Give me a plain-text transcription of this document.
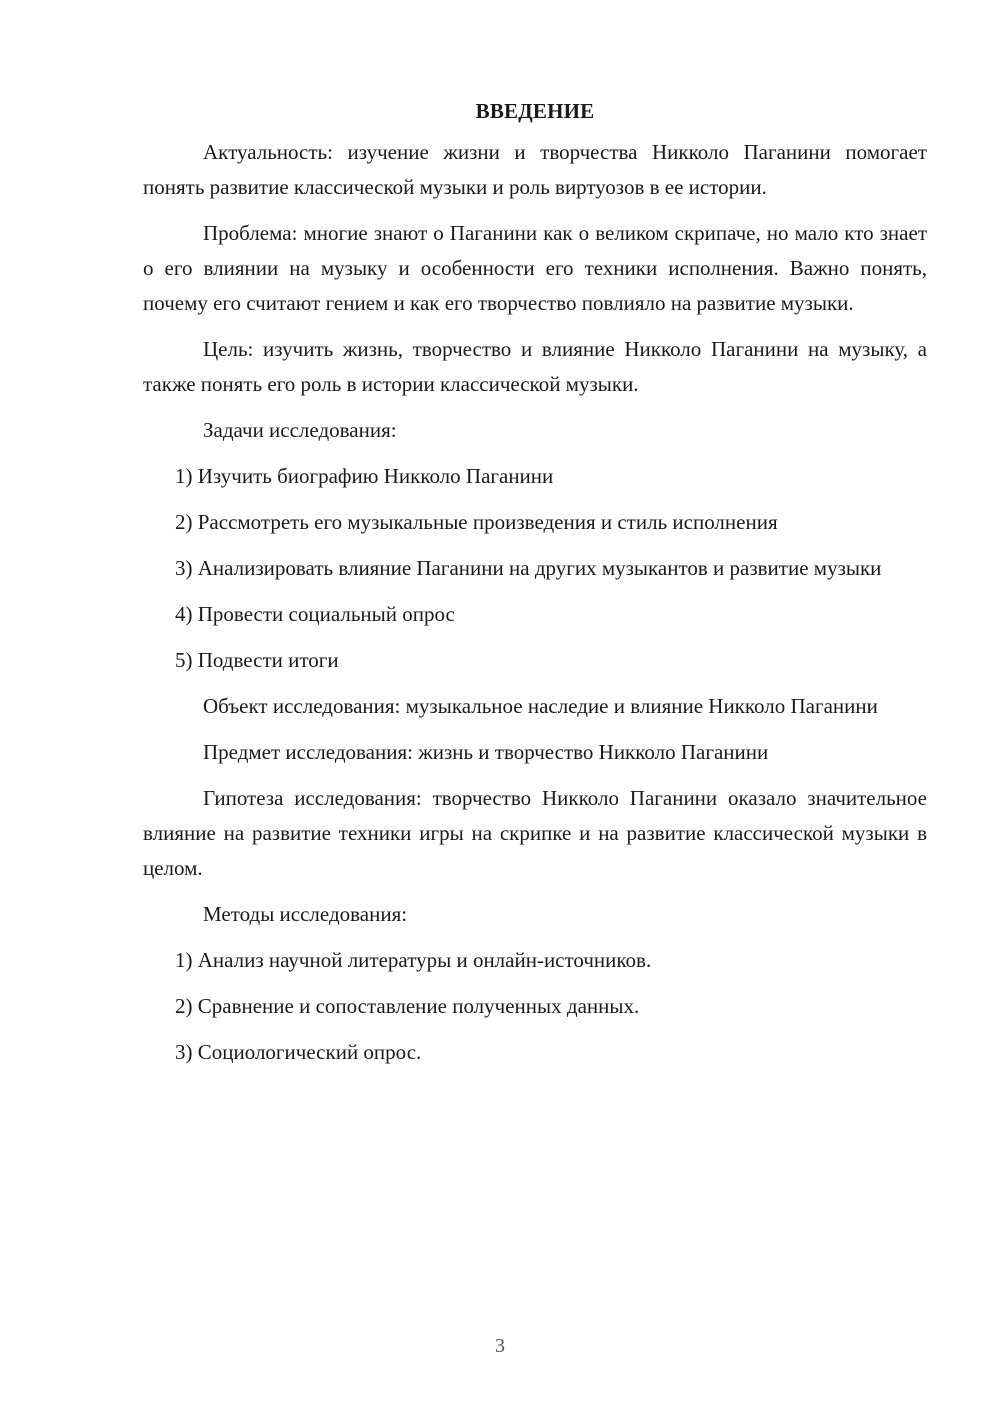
ВВЕДЕНИЕ

Актуальность: изучение жизни и творчества Никколо Паганини помогает понять развитие классической музыки и роль виртуозов в ее истории.

Проблема: многие знают о Паганини как о великом скрипаче, но мало кто знает о его влиянии на музыку и особенности его техники исполнения. Важно понять, почему его считают гением и как его творчество повлияло на развитие музыки.

Цель: изучить жизнь, творчество и влияние Никколо Паганини на музыку, а также понять его роль в истории классической музыки.

Задачи исследования:

1) Изучить биографию Никколо Паганини

2) Рассмотреть его музыкальные произведения и стиль исполнения

3) Анализировать влияние Паганини на других музыкантов и развитие музыки

4) Провести социальный опрос

5) Подвести итоги

Объект исследования: музыкальное наследие и влияние Никколо Паганини

Предмет исследования: жизнь и творчество Никколо Паганини

Гипотеза исследования: творчество Никколо Паганини оказало значительное влияние на развитие техники игры на скрипке и на развитие классической музыки в целом.

Методы исследования:

1) Анализ научной литературы и онлайн-источников.

2) Сравнение и сопоставление полученных данных.

3) Социологический опрос.

3
